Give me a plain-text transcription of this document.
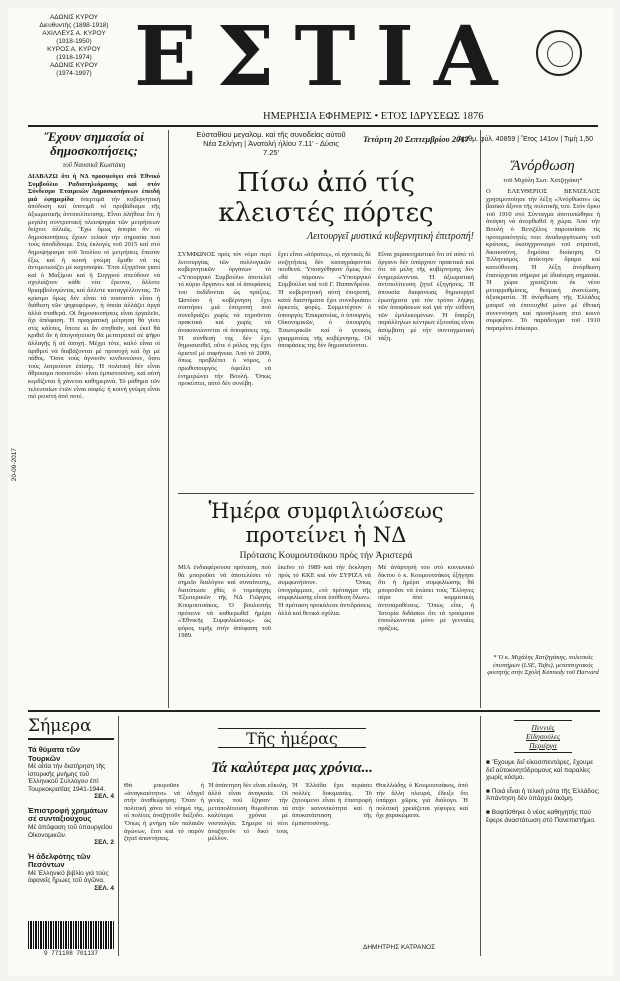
ΑΔΩΝΙΣ ΚΥΡΟΥ
Διευθυντής (1898-1918)
ΑΧΙΛΛΕΥΣ Α. ΚΥΡΟΥ
(1918-1950)
ΚΥΡΟΣ Α. ΚΥΡΟΥ
(1918-1974)
ΑΔΩΝΙΣ ΚΥΡΟΥ
(1974-1997) ΕΣΤΙΑ
ΗΜΕΡΗΣΙΑ ΕΦΗΜΕΡΙΣ • ΕΤΟΣ ΙΔΡΥΣΕΩΣ 1876
Εύσταθίου μεγαλομ. καί τῆς συνοδείας αὐτοῦ
Νέα Σελήνη | Ἀνατολή ἡλίου 7.11' - Δύσις 7.25'
Τετάρτη 20 Σεπτεμβρίου 2017
Ἀριθμ. φύλ. 40859 | Ἔτος 141ον | Τιμή 1,50
20-09-2017
Ἔχουν σημασία οἱ δημοσκοπήσεις;
τοῦ Ναυσικᾶ Κωστάκη
ΔΙΑΒΑΖΩ ὅτι ἡ ΝΔ προσφεύγει στό Ἐθνικό Συμβούλιο Ραδιοτηλεόρασης καί στόν Σύνδεσμο Ἑταιρειῶν Δημοσκοπήσεων ἐπειδή μιά ἐφημερίδα ὑπερτιμᾶ τήν κυβερνητική ἀπόδοση καί ὑποτιμᾶ τό προβάδισμα τῆς ἀξιωματικῆς ἀντιπολίτευσης. Εἶναι ἀλήθεια ὅτι ἡ μεγάλη συντριπτική πλειοψηφία τῶν μετρήσεων δείχνει ἀλλιῶς. Ἔχω ὅμως ἀπορία ἄν οἱ δημοσκοπήσεις ἔχουν τελικά τήν σημασία πού τούς ἀποδίδουμε. Στίς ἐκλογές τοῦ 2015 καί στό δημοψήφισμα τοῦ Ἰουλίου οἱ μετρήσεις ἔπεσαν ἔξω, καί ἡ κοινή γνώμη ἔμαθε νά τίς ἀντιμετωπίζει μέ καχυποψία. Ἔτσι ἐξηγεῖται γιατί καί ὁ Μαξίμου καί ἡ Συγγρού σπεύδουν νά σχολιάζουν κάθε νέα ἔρευνα, ἄλλοτε θριαμβολογώντας καί ἄλλοτε καταγγέλλοντας. Τό κρίσιμο ὅμως δέν εἶναι τά ποσοστά· εἶναι ἡ διάθεση τῶν ψηφοφόρων, ἡ ὁποία ἀλλάζει ἀργά ἀλλά σταθερά. Οἱ δημοσκοπήσεις εἶναι ἐργαλεῖο, ὄχι ἀπόφαση. Ἡ πραγματική μέτρηση θά γίνει στίς κάλπες, ὅποτε κι ἄν στηθοῦν, καί ἐκεῖ θά κριθεῖ ἄν ἡ ἀπογοήτευση θά μετατραπεῖ σέ ψῆφο ἀλλαγῆς ἤ σέ ἀποχή. Μέχρι τότε, καλό εἶναι οἱ ἀριθμοί νά διαβάζονται μέ προσοχή καί ὄχι μέ πάθος. Ὅσοι τούς ἀγνοοῦν κινδυνεύουν, ὅσοι τούς λατρεύουν ἐπίσης. Ἡ πολιτική δέν εἶναι ἄθροισμα ποσοστῶν· εἶναι ἐμπιστοσύνη, καί αὐτή κερδίζεται ἤ χάνεται καθημερινά. Τό μάθημα τῶν τελευταίων ἐτῶν εἶναι σαφές: ἡ κοινή γνώμη εἶναι πιό ρευστή ἀπό ποτέ.
Πίσω ἀπό τίς κλειστές πόρτες
Λειτουργεῖ μυστικά κυβερνητική ἐπιτροπή!
ΣΥΜΦΩΝΟΣ πρός τόν νόμο περί λειτουργίας τῶν συλλογικῶν κυβερνητικῶν ὀργάνων τό «Ὑπουργικό Συμβούλιο ἀποτελεῖ τό κύριο ὄργανο» καί οἱ ἀποφάσεις του ἐκδίδονται ὡς πράξεις. Ὡστόσο ἡ κυβέρνηση ἔχει συστήσει μιά ἐπιτροπή πού συνεδριάζει χωρίς νά τηροῦνται πρακτικά καί χωρίς νά ἀνακοινώνονται οἱ ἀποφάσεις της. Ἡ σύνθεσή της δέν ἔχει δημοσιευθεῖ, οὔτε ὁ ρόλος της ἔχει ὁριστεῖ μέ σαφήνεια. Ἀπό τό 2009, ὅπως προβλέπει ὁ νόμος, ὁ πρωθυπουργός ὀφείλει νά ἐνημερώνει τήν Βουλή. Ὅπως προκύπτει, αὐτό δέν συνέβη.
ἔχει εἶναι «ἀόρατες», οἱ σχετικές δέ συζητήσεις δέν καταγράφονται πουθενά. Ὑποσχέθηκαν ὅμως ὅτι «θά πάρουν» «Ὑπουργικό Συμβούλιο καί τοῦ Γ. Παπανδρέου. Ἡ κυβερνητική αὐτή ἐπιτροπή, κατά διαστήματα ἔχει συνεδριάσει ἀρκετές φορές. Συμμετέχουν ὁ ὑπουργός Ἐπικρατείας, ὁ ὑπουργός Οἰκονομικῶν, ὁ ὑπουργός Ἐσωτερικῶν καί ὁ γενικός γραμματέας τῆς κυβέρνησης. Οἱ ἀποφάσεις της δέν δημοσιεύονται.
Εἶναι χαρακτηριστικό ὅτι σέ αὐτό τό ὄργανο δέν ὑπάρχουν πρακτικά καί ὅτι τά μέλη τῆς κυβέρνησης δέν ἐνημερώνονται. Ἡ ἀξιωματική ἀντιπολίτευση ζητεῖ ἐξηγήσεις. Ἡ ἀπουσία διαφάνειας δημιουργεῖ ἐρωτήματα γιά τόν τρόπο λήψης τῶν ἀποφάσεων καί γιά τήν εὐθύνη τῶν ἐμπλεκομένων. Ἡ ὕπαρξη παράλληλων κέντρων ἐξουσίας εἶναι ἀσύμβατη μέ τήν συνταγματική τάξη.
Ἡμέρα συμφιλιώσεως προτείνει ἡ ΝΔ
Πρότασις Κουμουτσάκου πρός τήν Ἀριστερά
ΜΙΑ ἐνδιαφέρουσα πρόταση, πού θά μποροῦσε νά ἀποτελέσει τό σημεῖο διαλόγου καί συναίνεσης, διατύπωσε χθές ὁ τομεάρχης Ἐξωτερικῶν τῆς ΝΔ Γιῶργος Κουμουτσάκος. Ὁ βουλευτής πρότεινε νά καθιερωθεῖ ἡμέρα «Ἐθνικῆς Συμφιλιώσεως» ὡς φόρος τιμῆς στήν ἀπόφαση τοῦ 1989.
ἐκεῖνο τό 1989 καί τήν ἔκκληση πρός τό ΚΚΕ καί τόν ΣΥΡΙΖΑ νά συμφωνήσουν. Ὅπως ὑπογράμμισε, «τό πρόταγμα τῆς συμφιλίωσης εἶναι ὑπόθεση ὅλων». Ἡ πρόταση προκάλεσε ἀντιδράσεις ἀλλά καί θετικά σχόλια.
Μέ ἀνάρτησή του στό κοινωνικό δίκτυο ὁ κ. Κουμουτσάκος ἐξήγησε ὅτι ἡ ἡμέρα συμφιλίωσης θά μποροῦσε νά ἑνώσει τούς Ἕλληνες πέρα ἀπό κομματικές ἀντιπαραθέσεις. Ὅπως εἶπε, ἡ Ἱστορία διδάσκει ὅτι τά τραύματα ἐπουλώνονται μόνο μέ γενναίες πράξεις.
Ἄνόρθωση
τοῦ Μιχάλη Σωτ. Χατζηγάκη*
Ο ΕΛΕΥΘΕΡΙΟΣ ΒΕΝΙΖΕΛΟΣ χρησιμοποίησε τήν λέξη «Ἀνόρθωσιν» ὡς βασικό ἄξονα τῆς πολιτικῆς του. Στόν ὅρκο τοῦ 1910 στό Σύνταγμα ἀποτυπώθηκε ἡ ἀνάγκη νά ἀνορθωθεῖ ἡ χώρα. Ἀπό τήν Βουλή ὁ Βενιζέλος παρουσίασε τίς προτεραιότητές του: ἀναδιοργάνωση τοῦ κράτους, ἐκσυγχρονισμό τοῦ στρατοῦ, δικαιοσύνη, δημόσια διοίκηση. Ὁ Ἑλληνισμός ἀπέκτησε ὅραμα καί κατεύθυνση. Ἡ λέξη ἀνόρθωση ἐπανέρχεται σήμερα μέ ἰδιαίτερη σημασία. Ἡ χώρα χρειάζεται ἐκ νέου μεταρρυθμίσεις, θεσμική ἀνανέωση, ἀξιοκρατία. Ἡ ἀνόρθωση τῆς Ἑλλάδος μπορεῖ νά ἐπιτευχθεῖ μόνο μέ ἐθνική συνεννόηση καί προσήλωση στό κοινό συμφέρον. Τό παράδειγμα τοῦ 1910 παραμένει ἐπίκαιρο.
* Ὁ κ. Μιχάλης Χατζηγάκης, πολιτικός ἐπιστήμων (LSE, Tufts), μεταπτυχιακός φοιτητής στήν Σχολή Kennedy τοῦ Harvard
Σήμερα
Τά θύματα τῶν Τουρκῶν
Μέ αἰτία τήν διατήρηση τῆς ἱστορικῆς μνήμης τοῦ Ἑλληνικοῦ Συλλόγου ἐπί Τουρκοκρατίας 1941-1944.
ΣΕΛ. 4
Ἐπιστροφή χρημάτων σέ συνταξιούχους
Μέ ἀπόφαση τοῦ ὑπουργείου Οἰκονομικῶν.
ΣΕΛ. 2
Ἡ ἀδελφότης τῶν Πεσόντων
Μέ Ἑλληνικό βιβλίο γιά τούς ἀφανεῖς ἥρωες τοῦ ἀγῶνα.
ΣΕΛ. 4
9 771108 701137
Τῆς ἡμέρας
Τά καλύτερα μας χρόνια...
Θά μποροῦσε ἡ «ἀναγκαιότητα» νά ὁδηγεῖ στήν ἀναθεώρηση; Ὅταν ἡ πολιτική χάνει τό νόημά της, οἱ πολίτες ἀναζητοῦν διέξοδο. Ὅπως ἡ μνήμη τῶν παλαιῶν ἀγώνων, ἔτσι καί τό παρόν ζητεῖ ἀπαντήσεις.
Ἡ ἀπάντηση δέν εἶναι εὔκολη, ἀλλά εἶναι ἀναγκαία. Οἱ γενιές πού ἔζησαν τήν μεταπολίτευση θυμοῦνται τά καλύτερα χρόνια μέ νοσταλγία. Σήμερα οἱ νέοι ἀναζητοῦν τό δικό τους μέλλον.
Ἡ Ἑλλάδα ἔχει περάσει πολλές δοκιμασίες. Τό ζητούμενο εἶναι ἡ ἐπιστροφή στήν κανονικότητα καί ἡ ἀποκατάσταση τῆς ἐμπιστοσύνης.
Θυελλώδης ὁ Κουμουτσάκος, ἀπό τήν ἄλλη πλευρά, ἔδειξε ὅτι ὑπάρχει χῶρος γιά διάλογο. Ἡ πολιτική χρειάζεται γέφυρες καί ὄχι χαρακώματα.
ΔΗΜΗΤΡΗΣ ΚΑΤΡΑΝΟΣ
Πεννιές Είδησούλες Περιέργα
■ Ἔχουμε δεῖ εἰκοσιπεντάρες, ἔχουμε δεῖ αὐτοκινητόδρομους καί παραλίες χωρίς κόσμο.
■ Ποιά εἶναι ἡ τελική ρότα τῆς Ἑλλάδος; Ἀπάντηση δέν ὑπάρχει ἀκόμη.
■ Βαφτίσθηκε ὁ νέος καθηγητής πού ἔφερε ἀναστάτωση στό Πανεπιστήμιο.
